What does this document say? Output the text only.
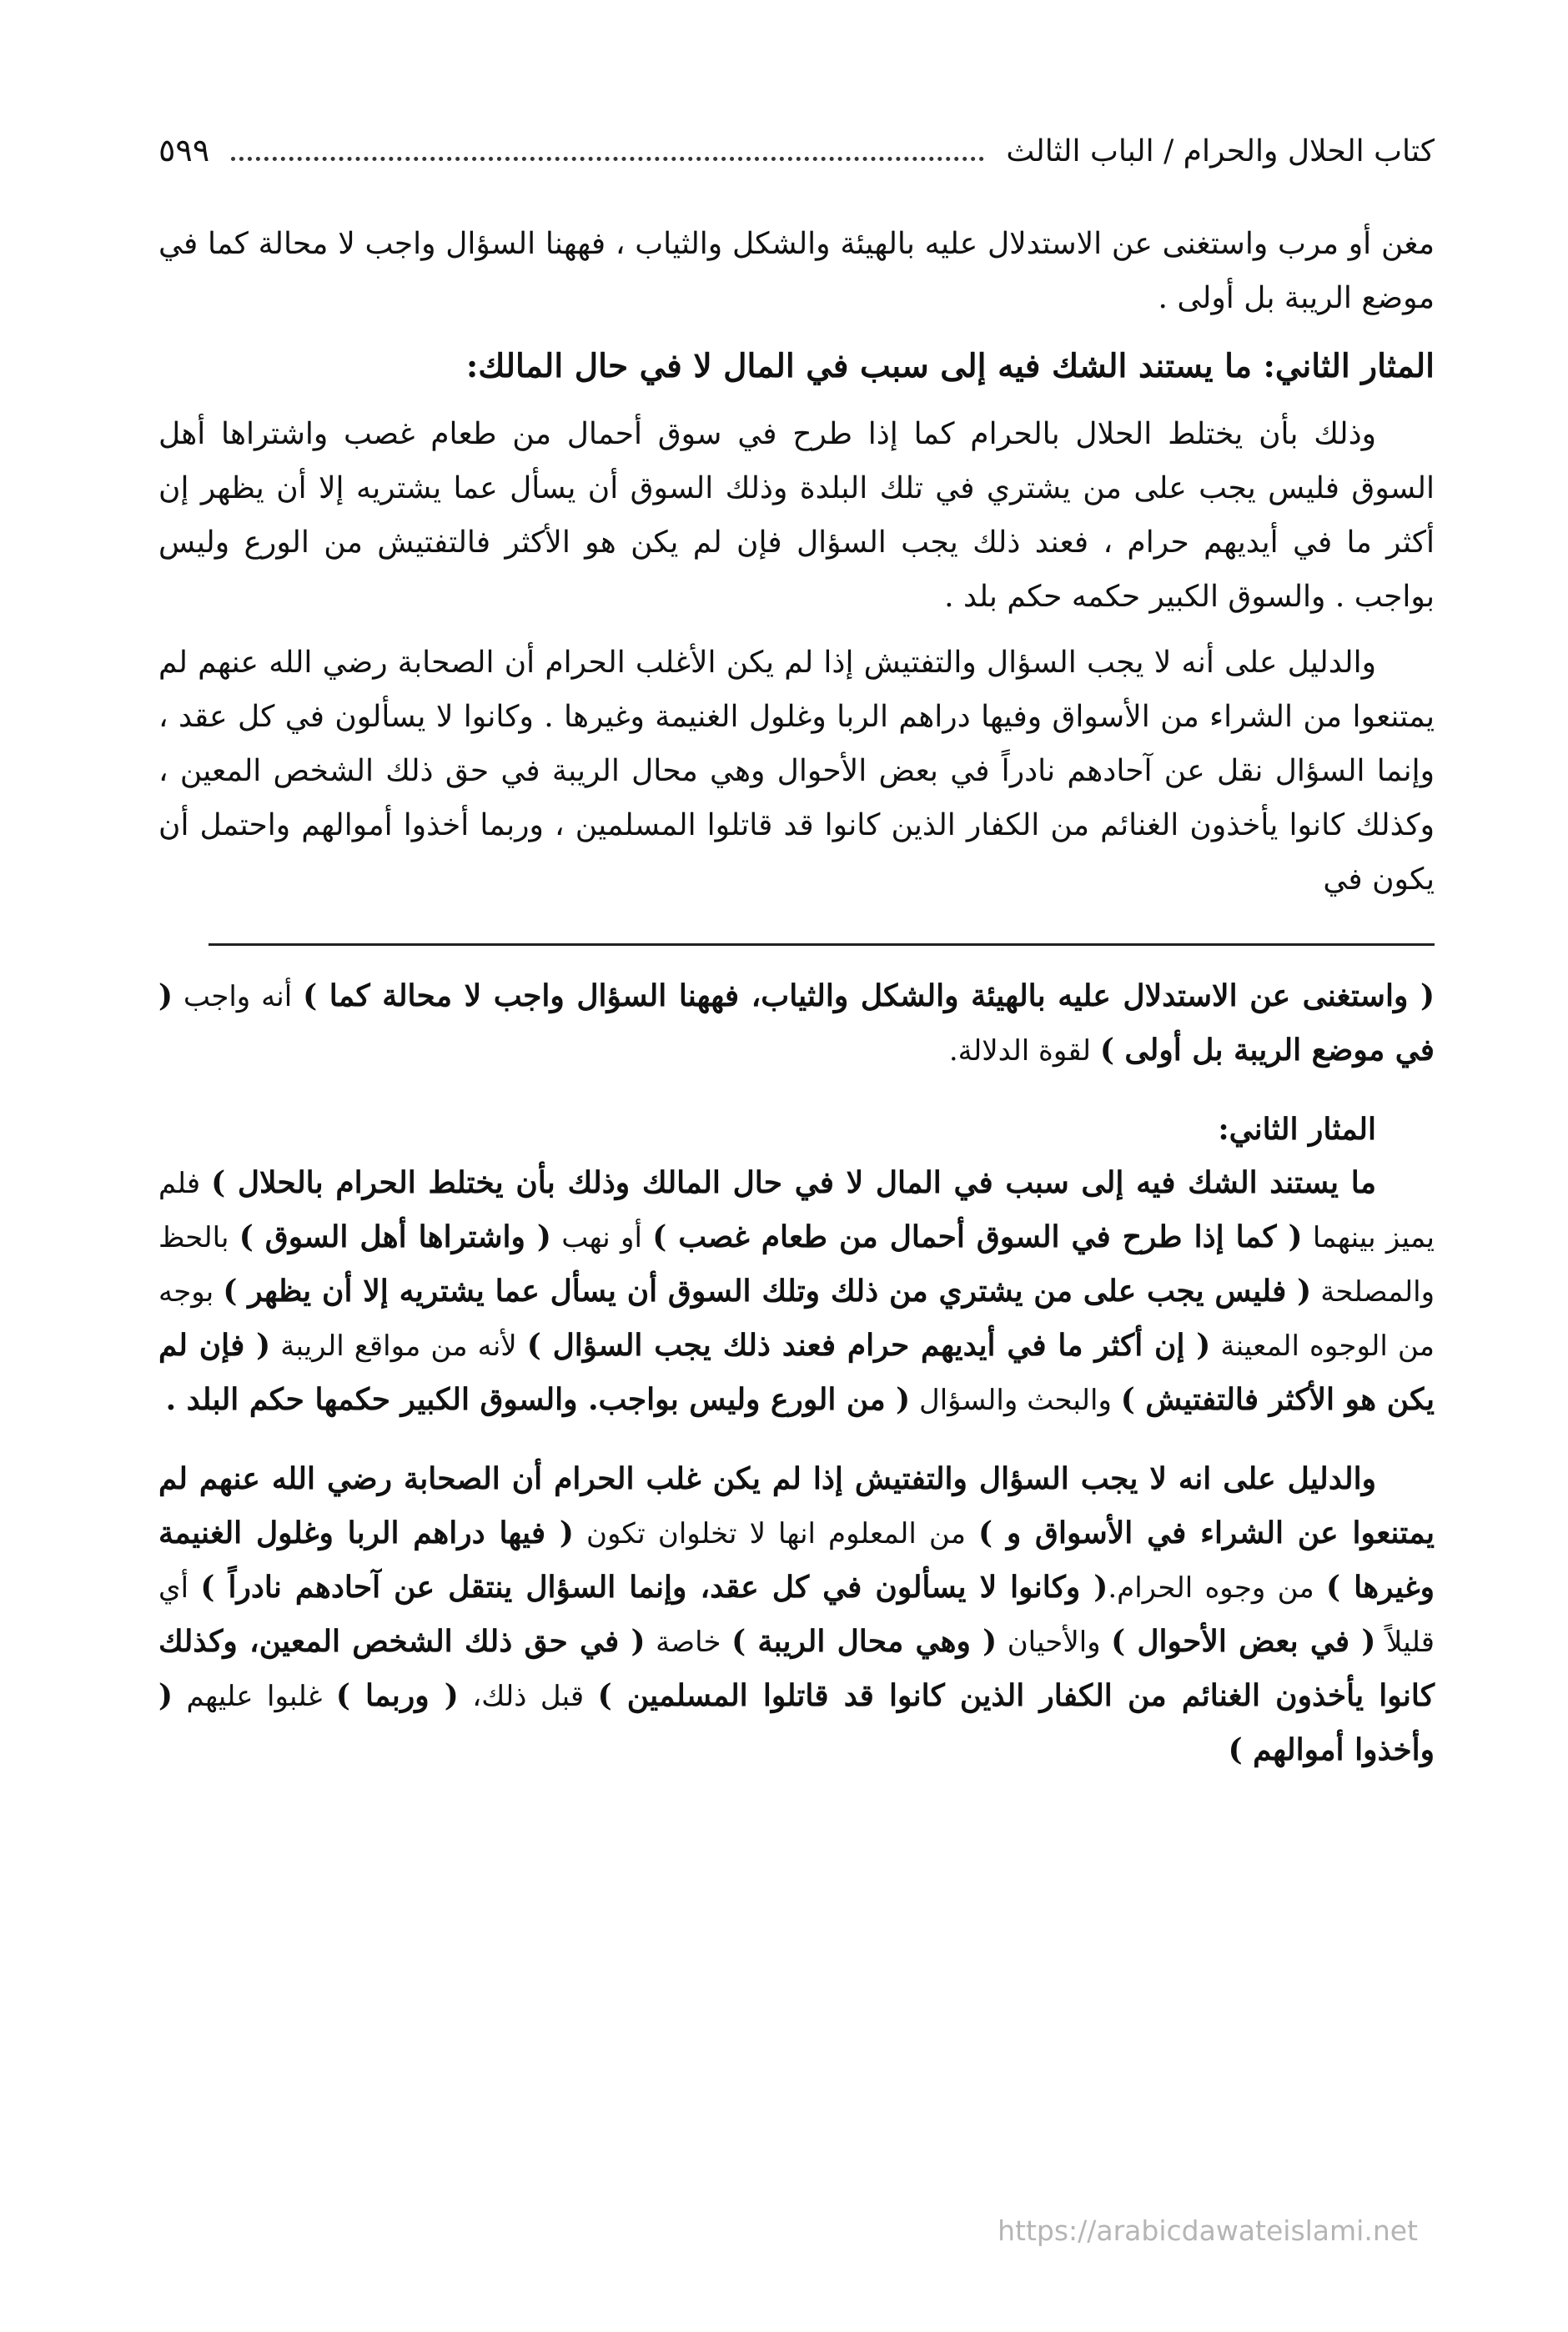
كتاب الحلال والحرام / الباب الثالث
٥٩٩

مغن أو مرب واستغنى عن الاستدلال عليه بالهيئة والشكل والثياب ، فههنا السؤال واجب لا محالة كما في موضع الريبة بل أولى .

المثار الثاني: ما يستند الشك فيه إلى سبب في المال لا في حال المالك:

وذلك بأن يختلط الحلال بالحرام كما إذا طرح في سوق أحمال من طعام غصب واشتراها أهل السوق فليس يجب على من يشتري في تلك البلدة وذلك السوق أن يسأل عما يشتريه إلا أن يظهر إن أكثر ما في أيديهم حرام ، فعند ذلك يجب السؤال فإن لم يكن هو الأكثر فالتفتيش من الورع وليس بواجب . والسوق الكبير حكمه حكم بلد .

والدليل على أنه لا يجب السؤال والتفتيش إذا لم يكن الأغلب الحرام أن الصحابة رضي الله عنهم لم يمتنعوا من الشراء من الأسواق وفيها دراهم الربا وغلول الغنيمة وغيرها . وكانوا لا يسألون في كل عقد ، وإنما السؤال نقل عن آحادهم نادراً في بعض الأحوال وهي محال الريبة في حق ذلك الشخص المعين ، وكذلك كانوا يأخذون الغنائم من الكفار الذين كانوا قد قاتلوا المسلمين ، وربما أخذوا أموالهم واحتمل أن يكون في

( واستغنى عن الاستدلال عليه بالهيئة والشكل والثياب، فههنا السؤال واجب لا محالة كما ) أنه واجب ( في موضع الريبة بل أولى ) لقوة الدلالة.

المثار الثاني:

ما يستند الشك فيه إلى سبب في المال لا في حال المالك وذلك بأن يختلط الحرام بالحلال ) فلم يميز بينهما ( كما إذا طرح في السوق أحمال من طعام غصب ) أو نهب ( واشتراها أهل السوق ) بالحظ والمصلحة ( فليس يجب على من يشتري من ذلك وتلك السوق أن يسأل عما يشتريه إلا أن يظهر ) بوجه من الوجوه المعينة ( إن أكثر ما في أيديهم حرام فعند ذلك يجب السؤال ) لأنه من مواقع الريبة ( فإن لم يكن هو الأكثر فالتفتيش ) والبحث والسؤال ( من الورع وليس بواجب. والسوق الكبير حكمها حكم البلد .

والدليل على انه لا يجب السؤال والتفتيش إذا لم يكن غلب الحرام أن الصحابة رضي الله عنهم لم يمتنعوا عن الشراء في الأسواق و ) من المعلوم انها لا تخلوان تكون ( فيها دراهم الربا وغلول الغنيمة وغيرها ) من وجوه الحرام.( وكانوا لا يسألون في كل عقد، وإنما السؤال ينتقل عن آحادهم نادراً ) أي قليلاً ( في بعض الأحوال ) والأحيان ( وهي محال الريبة ) خاصة ( في حق ذلك الشخص المعين، وكذلك كانوا يأخذون الغنائم من الكفار الذين كانوا قد قاتلوا المسلمين ) قبل ذلك، ( وربما ) غلبوا عليهم ( وأخذوا أموالهم )

https://arabicdawateislami.net
